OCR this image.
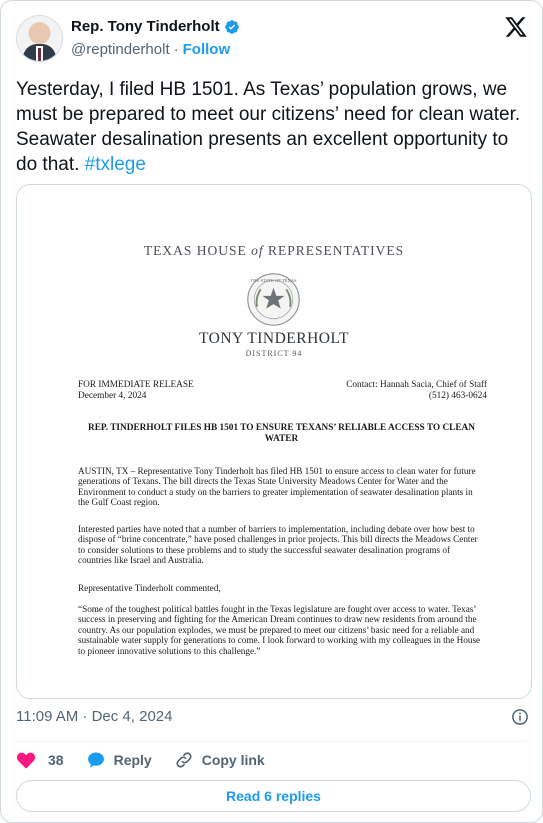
Rep. Tony Tinderholt
@reptinderholt · Follow
Yesterday, I filed HB 1501. As Texas’ population grows, we must be prepared to meet our citizens’ need for clean water. Seawater desalination presents an excellent opportunity to do that. #txlege
TEXAS HOUSE of REPRESENTATIVES
THE STATE OF TEXAS
TONY TINDERHOLT
DISTRICT 94
FOR IMMEDIATE RELEASE
December 4, 2024
Contact: Hannah Sacia, Chief of Staff
(512) 463-0624
REP. TINDERHOLT FILES HB 1501 TO ENSURE TEXANS’ RELIABLE ACCESS TO CLEAN WATER
AUSTIN, TX – Representative Tony Tinderholt has filed HB 1501 to ensure access to clean water for future generations of Texans. The bill directs the Texas State University Meadows Center for Water and the Environment to conduct a study on the barriers to greater implementation of seawater desalination plants in the Gulf Coast region.
Interested parties have noted that a number of barriers to implementation, including debate over how best to dispose of “brine concentrate,” have posed challenges in prior projects. This bill directs the Meadows Center to consider solutions to these problems and to study the successful seawater desalination programs of countries like Israel and Australia.
Representative Tinderholt commented,
“Some of the toughest political battles fought in the Texas legislature are fought over access to water. Texas’ success in preserving and fighting for the American Dream continues to draw new residents from around the country. As our population explodes, we must be prepared to meet our citizens’ basic need for a reliable and sustainable water supply for generations to come. I look forward to working with my colleagues in the House to pioneer innovative solutions to this challenge.”
11:09 AM · Dec 4, 2024
38	Reply	Copy link
Read 6 replies
